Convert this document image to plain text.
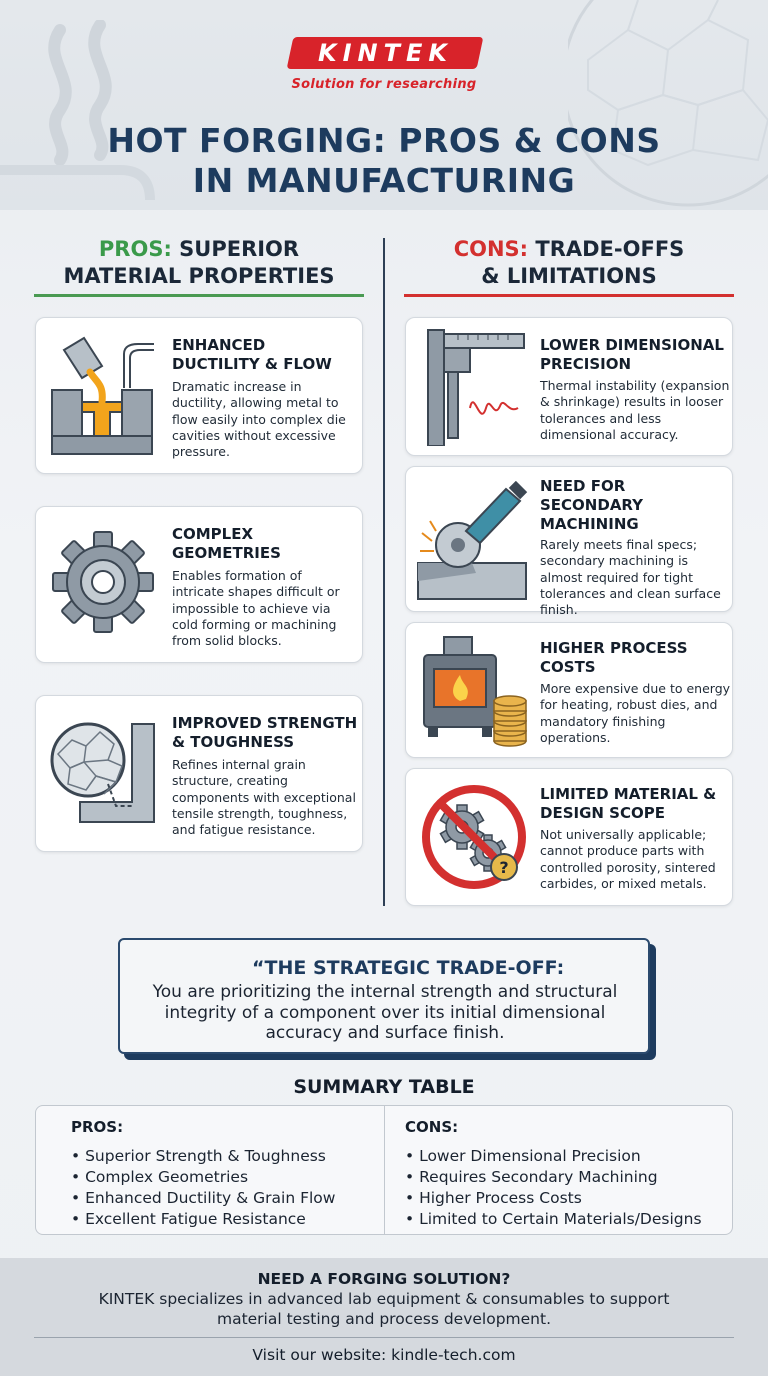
KINTEK
Solution for researching
HOT FORGING: PROS & CONS
IN MANUFACTURING
PROS: SUPERIOR
MATERIAL PROPERTIES
CONS: TRADE-OFFS
& LIMITATIONS
ENHANCED DUCTILITY & FLOW
Dramatic increase in ductility, allowing metal to flow easily into complex die cavities without excessive pressure.
COMPLEX GEOMETRIES
Enables formation of intricate shapes difficult or impossible to achieve via cold forming or machining from solid blocks.
IMPROVED STRENGTH & TOUGHNESS
Refines internal grain structure, creating components with exceptional tensile strength, toughness, and fatigue resistance.
LOWER DIMENSIONAL PRECISION
Thermal instability (expansion & shrinkage) results in looser tolerances and less dimensional accuracy.
NEED FOR SECONDARY MACHINING
Rarely meets final specs; secondary machining is almost required for tight tolerances and clean surface finish.
HIGHER PROCESS COSTS
More expensive due to energy for heating, robust dies, and mandatory finishing operations.
?
LIMITED MATERIAL & DESIGN SCOPE
Not universally applicable; cannot produce parts with controlled porosity, sintered carbides, or mixed metals.
“THE STRATEGIC TRADE-OFF:
You are prioritizing the internal strength and structural integrity of a component over its initial dimensional accuracy and surface finish.
SUMMARY TABLE
PROS:
• Superior Strength & Toughness
• Complex Geometries
• Enhanced Ductility & Grain Flow
• Excellent Fatigue Resistance
CONS:
• Lower Dimensional Precision
• Requires Secondary Machining
• Higher Process Costs
• Limited to Certain Materials/Designs
NEED A FORGING SOLUTION?
KINTEK specializes in advanced lab equipment & consumables to support material testing and process development.
Visit our website: kindle-tech.com
